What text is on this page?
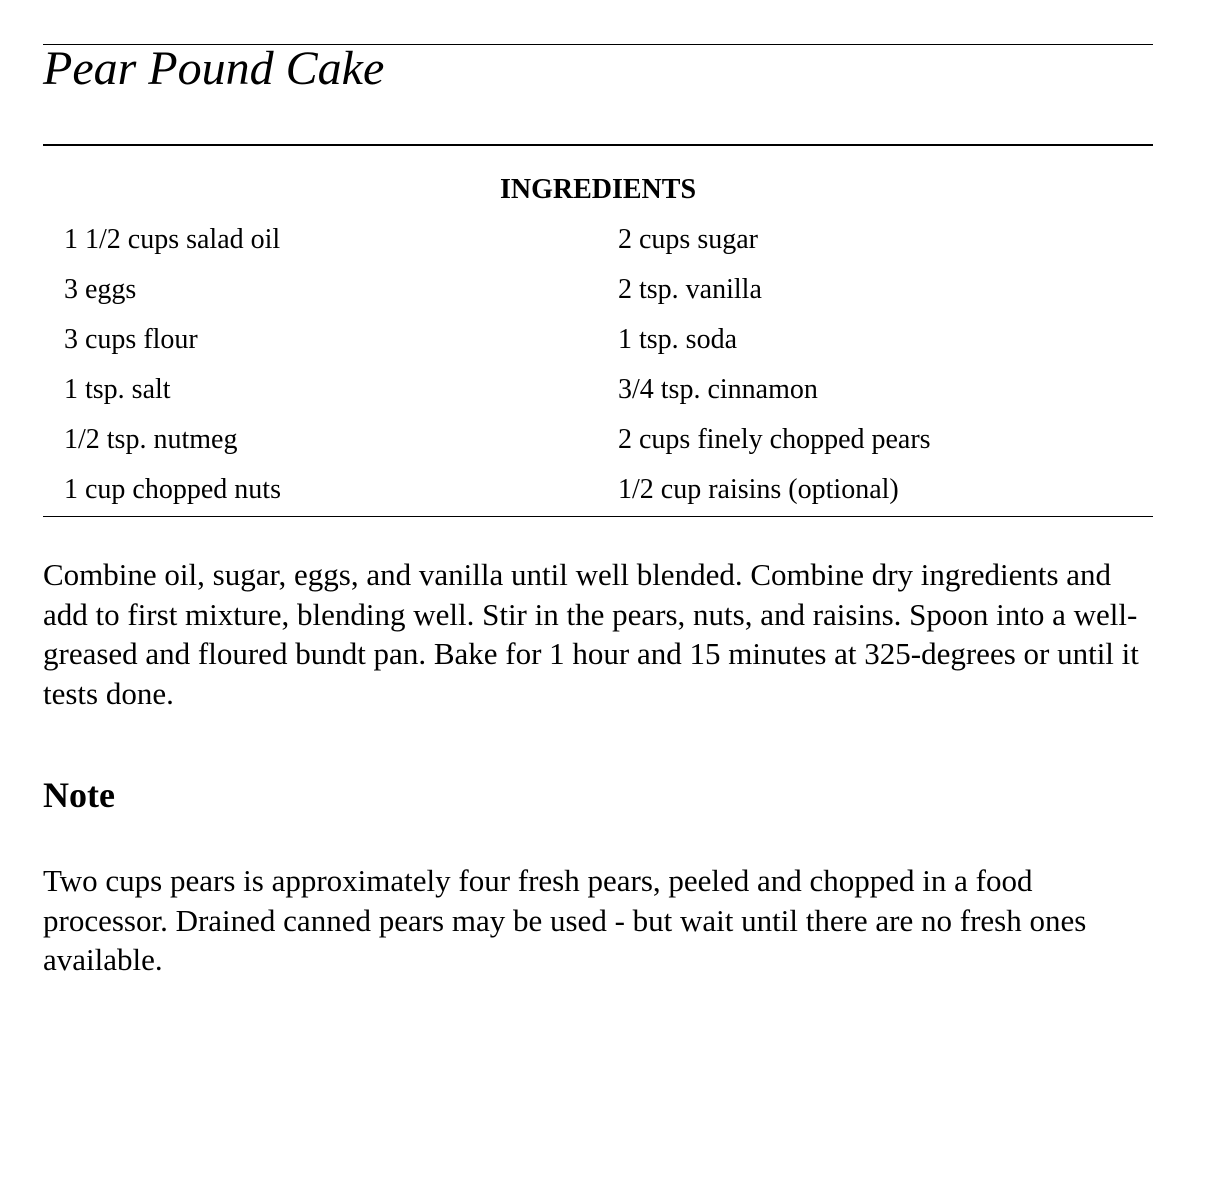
Pear Pound Cake
INGREDIENTS
1 1/2 cups salad oil	2 cups sugar
3 eggs	2 tsp. vanilla
3 cups flour	1 tsp. soda
1 tsp. salt	3/4 tsp. cinnamon
1/2 tsp. nutmeg	2 cups finely chopped pears
1 cup chopped nuts	1/2 cup raisins (optional)

Combine oil, sugar, eggs, and vanilla until well blended. Combine dry ingredients and add to first mixture, blending well. Stir in the pears, nuts, and raisins. Spoon into a well-greased and floured bundt pan. Bake for 1 hour and 15 minutes at 325-degrees or until it tests done.

Note

Two cups pears is approximately four fresh pears, peeled and chopped in a food processor. Drained canned pears may be used - but wait until there are no fresh ones available.
